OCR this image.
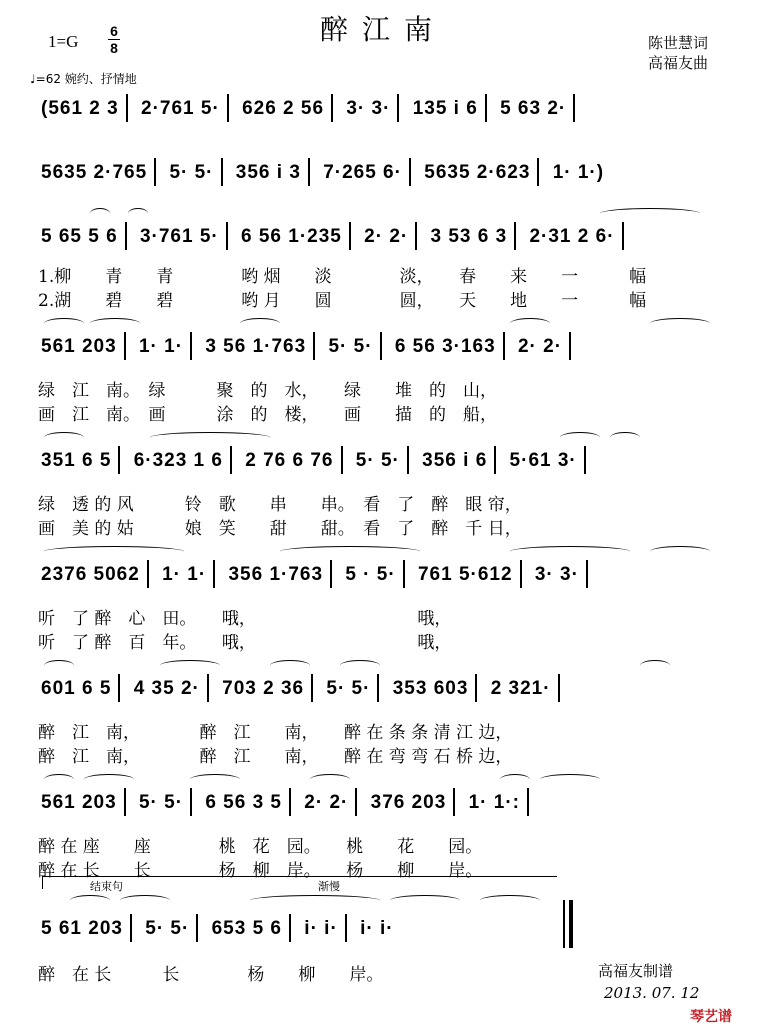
醉江南
1=G
6
8	陈世慧词
高福友曲
♩=62 婉约、抒情地
(561 2 3 2·761 5· 626 2 56 3· 3· 135 i 6 5 63 2·
5635 2·765 5· 5· 356 i 3 7·265 6· 5635 2·623 1· 1·)
5 65 5 6 3·761 5· 6 56 1·235 2· 2· 3 53 6 3 2·31 2 6·
1.柳　　青　　青　　　　哟 烟　　淡　　　　淡，　　春　　来　　一　　　幅
2.湖　　碧　　碧　　　　哟 月　　圆　　　　圆，　　天　　地　　一　　　幅
561 203 1· 1· 3 56 1·763 5· 5· 6 56 3·163 2· 2·
绿　江　南。　绿　　　聚　的　水，　　绿　　堆　的　山，
画　江　南。　画　　　涂　的　楼，　　画　　描　的　船，
351 6 5 6·323 1 6 2 76 6 76 5· 5· 356 i 6 5·61 3·
绿　透 的 风　　　铃　歌　　串　　串。　看　了　醉　眼 帘，
画　美 的 姑　　　娘　笑　　甜　　甜。　看　了　醉　千 日，
2376 5062 1· 1· 356 1·763 5 · 5· 761 5·612 3· 3·
听　了 醉　心　田。　　哦，　　　　　　　　　　哦，
听　了 醉　百　年。　　哦，　　　　　　　　　　哦，
601 6 5 4 35 2· 703 2 36 5· 5· 353 603 2 321·
醉　江　南，　　　　醉　江　　南，　　醉 在 条 条 清 江 边，
醉　江　南，　　　　醉　江　　南，　　醉 在 弯 弯 石 桥 边，
561 203 5· 5· 6 56 3 5 2· 2· 376 203 1· 1·:
醉 在 座　　座　　　　桃　花　园。　　桃　　花　　园。
醉 在 长　　长　　　　杨　柳　岸。　　杨　　柳　　岸。
结束句	渐慢
5 61 203 5· 5· 653 5 6 i· i· i· i·
醉　在 长　　　长　　　　杨　　柳　　岸。	高福友制谱
2013. 07. 12
琴艺谱
